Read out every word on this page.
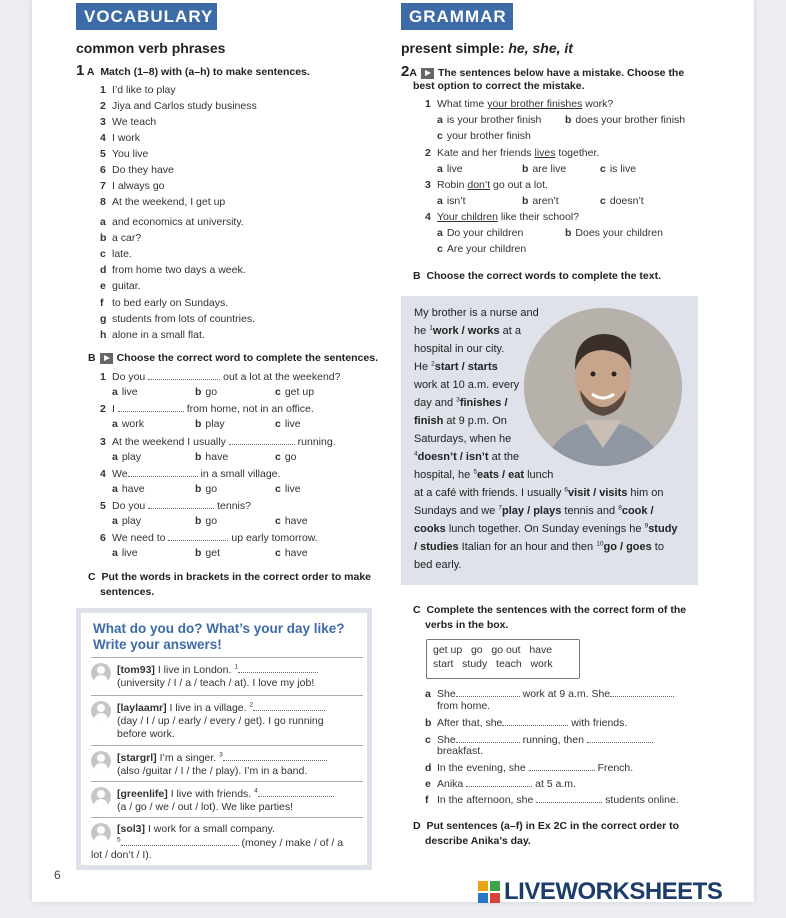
VOCABULARY
common verb phrases
1 A Match (1–8) with (a–h) to make sentences.
1 I’d like to play
2 Jiya and Carlos study business
3 We teach
4 I work
5 You live
6 Do they have
7 I always go
8 At the weekend, I get up
a and economics at university.
b a car?
c late.
d from home two days a week.
e guitar.
f to bed early on Sundays.
g students from lots of countries.
h alone in a small flat.
B Choose the correct word to complete the sentences.
1 Do you	out a lot at the weekend?
a live	b go	c get up
2 I	from home, not in an office.
a work	b play	c live
3 At the weekend I usually	running.
a play	b have	c go
4 We	in a small village.
a have	b go	c live
5 Do you	tennis?
a play	b go	c have
6 We need to	up early tomorrow.
a live	b get	c have
C Put the words in brackets in the correct order to make
sentences.
What do you do? What’s your day like?
Write your answers!
[tom93] I live in London. $^1$
(university / I / a / teach / at). I love my job!
[laylaamr] I live in a village. $^2$
(day / I / up / early / every / get). I go running
before work.
[stargrl] I’m a singer. $^3$
(also /guitar / I / the / play). I’m in a band.
[greenlife] I live with friends. $^4$
(a / go / we / out / lot). We like parties!
[sol3] I work for a small company.
$^5$	(money / make / of / a
lot / don’t / I).
GRAMMAR
present simple: he, she, it
2A The sentences below have a mistake. Choose the
best option to correct the mistake.
1 What time your brother finishes work?
a is your brother finish b does your brother finish
c your brother finish
2 Kate and her friends lives together.
a live	b are live	c is live
3 Robin don’t go out a lot.
a isn’t	b aren’t	c doesn’t
4 Your children like their school?
a Do your children	b Does your children
c Are your children
B Choose the correct words to complete the text.
My brother is a nurse and
he $^1$work / works at a
hospital in our city.
He $^2$start / starts
work at 10 a.m. every
day and $^3$finishes /
finish at 9 p.m. On
Saturdays, when he
$^4$doesn’t / isn’t at the
hospital, he $^5$eats / eat lunch
at a café with friends. I usually $^6$visit / visits him on
Sundays and we $^7$play / plays tennis and $^8$cook /
cooks lunch together. On Sunday evenings he $^9$study
/ studies Italian for an hour and then $^{10}$go / goes to
bed early.
C Complete the sentences with the correct form of the
verbs in the box.
get up   go   go out   have
start   study   teach   work
a She	work at 9 a.m. She
from home.
b After that, she	with friends.
c She	running, then
breakfast.
d In the evening, she	French.
e Anika	at 5 a.m.
f In the afternoon, she	students online.
D Put sentences (a–f) in Ex 2C in the correct order to
describe Anika’s day.
6
LIVEWORKSHEETS
